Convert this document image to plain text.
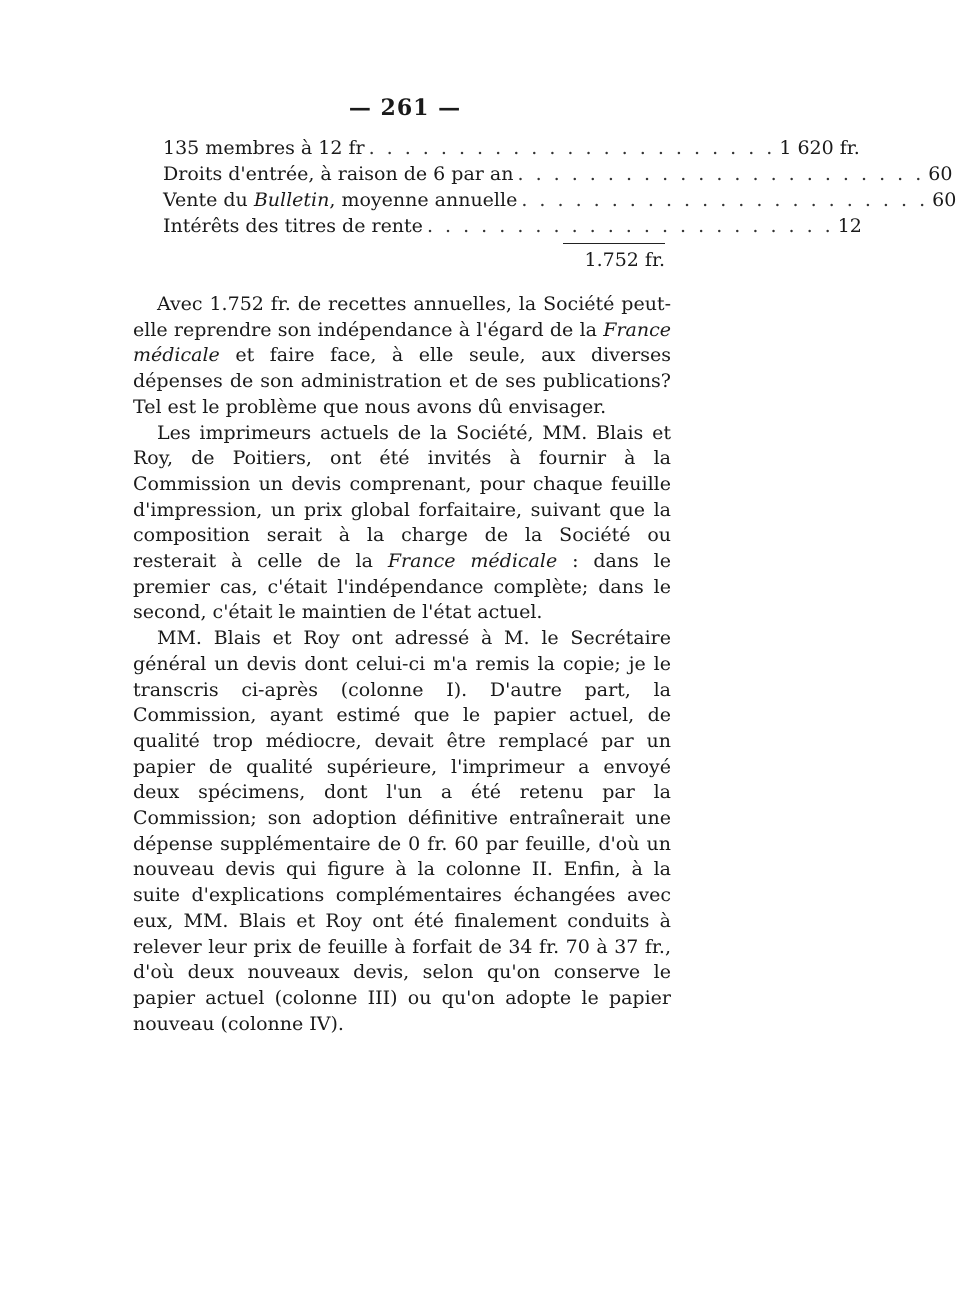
— 261 —
135 membres à 12 fr . . . . . . . . . . . . . . . . . . . . . . . 1 620 fr.
Droits d'entrée, à raison de 6 par an . . . . . . . . . . . . . . . . . . . . . . . 60
Vente du Bulletin, moyenne annuelle . . . . . . . . . . . . . . . . . . . . . . . 60
Intérêts des titres de rente . . . . . . . . . . . . . . . . . . . . . . . 12
1.752 fr.

Avec 1.752 fr. de recettes annuelles, la Société peut-elle reprendre son indépendance à l'égard de la France médicale et faire face, à elle seule, aux diverses dépenses de son administration et de ses publications? Tel est le problème que nous avons dû envisager.

Les imprimeurs actuels de la Société, MM. Blais et Roy, de Poitiers, ont été invités à fournir à la Commission un devis comprenant, pour chaque feuille d'impression, un prix global forfaitaire, suivant que la composition serait à la charge de la Société ou resterait à celle de la France médicale : dans le premier cas, c'était l'indépendance complète; dans le second, c'était le maintien de l'état actuel.

MM. Blais et Roy ont adressé à M. le Secrétaire général un devis dont celui-ci m'a remis la copie; je le transcris ci-après (colonne I). D'autre part, la Commission, ayant estimé que le papier actuel, de qualité trop médiocre, devait être remplacé par un papier de qualité supérieure, l'imprimeur a envoyé deux spécimens, dont l'un a été retenu par la Commission; son adoption définitive entraînerait une dépense supplémentaire de 0 fr. 60 par feuille, d'où un nouveau devis qui figure à la colonne II. Enfin, à la suite d'explications complémentaires échangées avec eux, MM. Blais et Roy ont été finalement conduits à relever leur prix de feuille à forfait de 34 fr. 70 à 37 fr., d'où deux nouveaux devis, selon qu'on conserve le papier actuel (colonne III) ou qu'on adopte le papier nouveau (colonne IV).
